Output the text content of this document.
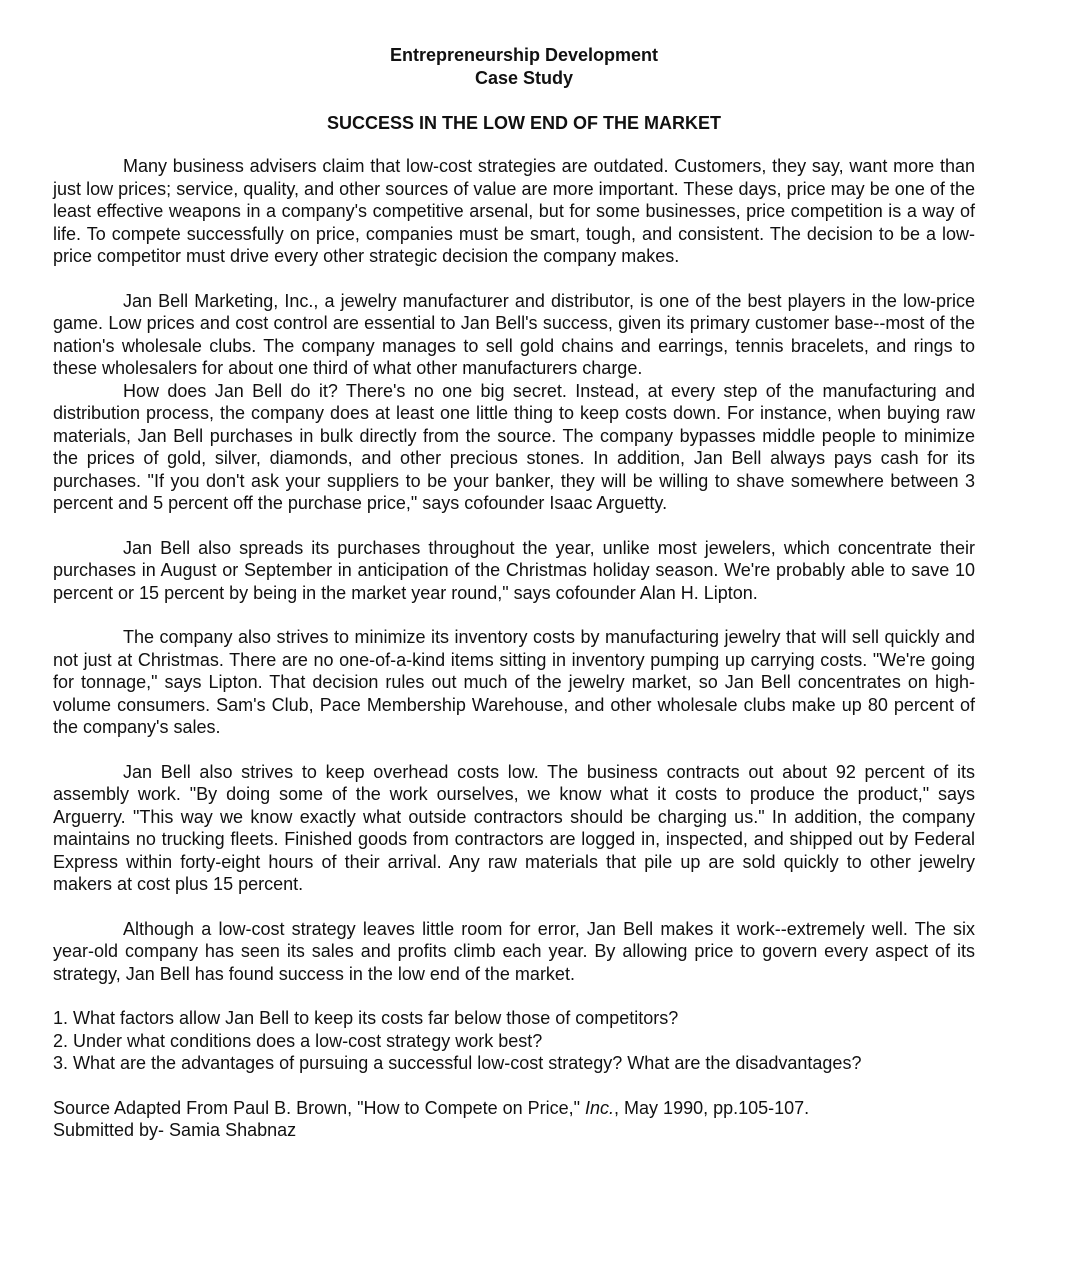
Entrepreneurship Development
Case Study
SUCCESS IN THE LOW END OF THE MARKET

Many business advisers claim that low-cost strategies are outdated. Customers, they say, want more than just low prices; service, quality, and other sources of value are more important. These days, price may be one of the least effective weapons in a company's competitive arsenal, but for some businesses, price competition is a way of life. To compete successfully on price, companies must be smart, tough, and consistent. The decision to be a low-price competitor must drive every other strategic decision the company makes.

Jan Bell Marketing, Inc., a jewelry manufacturer and distributor, is one of the best players in the low-price game. Low prices and cost control are essential to Jan Bell's success, given its primary customer base--most of the nation's wholesale clubs. The company manages to sell gold chains and earrings, tennis bracelets, and rings to these wholesalers for about one third of what other manufacturers charge.

How does Jan Bell do it? There's no one big secret. Instead, at every step of the manufacturing and distribution process, the company does at least one little thing to keep costs down. For instance, when buying raw materials, Jan Bell purchases in bulk directly from the source. The company bypasses middle people to minimize the prices of gold, silver, diamonds, and other precious stones. In addition, Jan Bell always pays cash for its purchases. "If you don't ask your suppliers to be your banker, they will be willing to shave somewhere between 3 percent and 5 percent off the purchase price," says cofounder Isaac Arguetty.

Jan Bell also spreads its purchases throughout the year, unlike most jewelers, which concentrate their purchases in August or September in anticipation of the Christmas holiday season. We're probably able to save 10 percent or 15 percent by being in the market year round," says cofounder Alan H. Lipton.

The company also strives to minimize its inventory costs by manufacturing jewelry that will sell quickly and not just at Christmas. There are no one-of-a-kind items sitting in inventory pumping up carrying costs. "We're going for tonnage," says Lipton. That decision rules out much of the jewelry market, so Jan Bell concentrates on high-volume consumers. Sam's Club, Pace Membership Warehouse, and other wholesale clubs make up 80 percent of the company's sales.

Jan Bell also strives to keep overhead costs low. The business contracts out about 92 percent of its assembly work. "By doing some of the work ourselves, we know what it costs to produce the product," says Arguerry. "This way we know exactly what outside contractors should be charging us." In addition, the company maintains no trucking fleets. Finished goods from contractors are logged in, inspected, and shipped out by Federal Express within forty-eight hours of their arrival. Any raw materials that pile up are sold quickly to other jewelry makers at cost plus 15 percent.

Although a low-cost strategy leaves little room for error, Jan Bell makes it work--extremely well. The six year-old company has seen its sales and profits climb each year. By allowing price to govern every aspect of its strategy, Jan Bell has found success in the low end of the market.

1. What factors allow Jan Bell to keep its costs far below those of competitors?
2. Under what conditions does a low-cost strategy work best?
3. What are the advantages of pursuing a successful low-cost strategy? What are the disadvantages?
Source Adapted From Paul B. Brown, "How to Compete on Price," Inc., May 1990, pp.105-107.
Submitted by- Samia Shabnaz
